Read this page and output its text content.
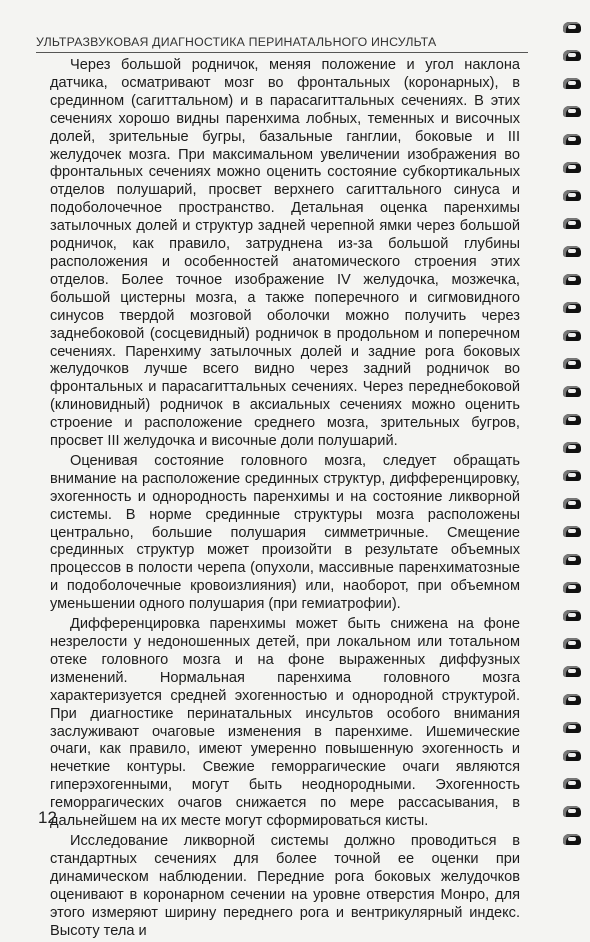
УЛЬТРАЗВУКОВАЯ ДИАГНОСТИКА ПЕРИНАТАЛЬНОГО ИНСУЛЬТА

Через большой родничок, меняя положение и угол наклона датчика, осматривают мозг во фронтальных (коронарных), в срединном (сагиттальном) и в парасагиттальных сечениях. В этих сечениях хорошо видны паренхима лобных, теменных и височных долей, зрительные бугры, базальные ганглии, боковые и III желудочек мозга. При максимальном увеличении изображения во фронтальных сечениях можно оценить состояние субкортикальных отделов полушарий, просвет верхнего сагиттального синуса и подоболочечное пространство. Детальная оценка паренхимы затылочных долей и структур задней черепной ямки через большой родничок, как правило, затруднена из-за большой глубины расположения и особенностей анатомического строения этих отделов. Более точное изображение IV желудочка, мозжечка, большой цистерны мозга, а также поперечного и сигмовидного синусов твердой мозговой оболочки можно получить через заднебоковой (сосцевидный) родничок в продольном и поперечном сечениях. Паренхиму затылочных долей и задние рога боковых желудочков лучше всего видно через задний родничок во фронтальных и парасагиттальных сечениях. Через переднебоковой (клиновидный) родничок в аксиальных сечениях можно оценить строение и расположение среднего мозга, зрительных бугров, просвет III желудочка и височные доли полушарий.

Оценивая состояние головного мозга, следует обращать внимание на расположение срединных структур, дифференцировку, эхогенность и однородность паренхимы и на состояние ликворной системы. В норме срединные структуры мозга расположены центрально, большие полушария симметричные. Смещение срединных структур может произойти в результате объемных процессов в полости черепа (опухоли, массивные паренхиматозные и подоболочечные кровоизлияния) или, наоборот, при объемном уменьшении одного полушария (при гемиатрофии).

Дифференцировка паренхимы может быть снижена на фоне незрелости у недоношенных детей, при локальном или тотальном отеке головного мозга и на фоне выраженных диффузных изменений. Нормальная паренхима головного мозга характеризуется средней эхогенностью и однородной структурой. При диагностике перинатальных инсультов особого внимания заслуживают очаговые изменения в паренхиме. Ишемические очаги, как правило, имеют умеренно повышенную эхогенность и нечеткие контуры. Свежие геморрагические очаги являются гиперэхогенными, могут быть неоднородными. Эхогенность геморрагических очагов снижается по мере рассасывания, в дальнейшем на их месте могут сформироваться кисты.

Исследование ликворной системы должно проводиться в стандартных сечениях для более точной ее оценки при динамическом наблюдении. Передние рога боковых желудочков оценивают в коронарном сечении на уровне отверстия Монро, для этого измеряют ширину переднего рога и вентрикулярный индекс. Высоту тела и

12
